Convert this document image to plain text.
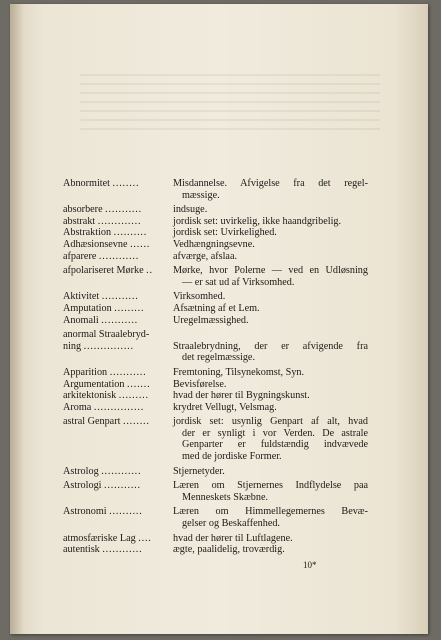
Abnormitet ........	Misdannelse. Afvigelse fra det regel-
mæssige.
absorbere ...........	indsuge.
abstrakt .............	jordisk set: uvirkelig, ikke haandgribelig.
Abstraktion ..........	jordisk set: Uvirkelighed.
Adhæsionsevne ......	Vedhængningsevne.
afparere ............	afværge, afslaa.
afpolariseret Mørke ..	Mørke, hvor Polerne — ved en Udløsning
— er sat ud af Virksomhed.
Aktivitet ...........	Virksomhed.
Amputation .........	Afsætning af et Lem.
Anomali ...........	Uregelmæssighed.
anormal Straalebryd-
ning ...............	Straalebrydning, der er afvigende fra
det regelmæssige.
Apparition ...........	Fremtoning, Tilsynekomst, Syn.
Argumentation .......	Bevisførelse.
arkitektonisk .........	hvad der hører til Bygningskunst.
Aroma ...............	krydret Vellugt, Velsmag.
astral Genpart ........	jordisk set: usynlig Genpart af alt, hvad
der er synligt i vor Verden. De astrale
Genparter er fuldstændig indvævede
med de jordiske Former.
Astrolog ............	Stjernetyder.
Astrologi ...........	Læren om Stjernernes Indflydelse paa
Menneskets Skæbne.
Astronomi ..........	Læren om Himmellegemernes Bevæ-
gelser og Beskaffenhed.
atmosfæriske Lag ....	hvad der hører til Luftlagene.
autentisk ............	ægte, paalidelig, troværdig.
10*
